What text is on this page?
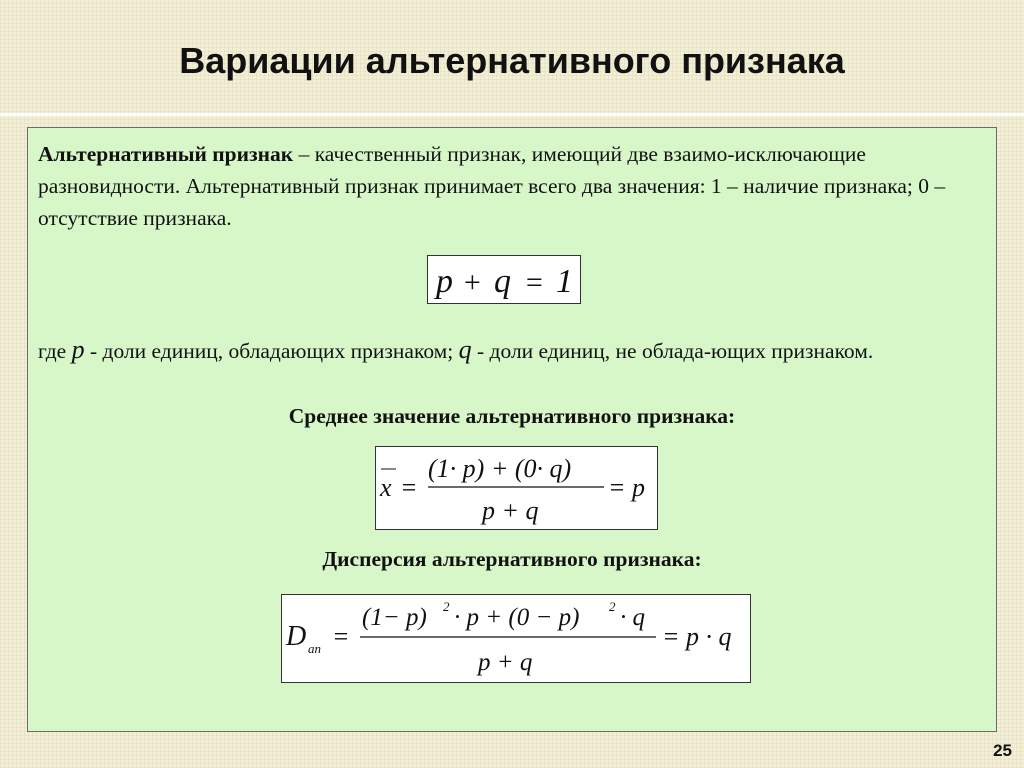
Вариации альтернативного признака
Альтернативный признак – качественный признак, имеющий две взаимо-исключающие разновидности. Альтернативный признак принимает всего два значения: 1 – наличие признака; 0 – отсутствие признака.
p + q = 1
где p - доли единиц, обладающих признаком; q - доли единиц, не облада-ющих признаком.
Среднее значение альтернативного признака:
x =
(1· p) + (0· q)
p + q
= p
Дисперсия альтернативного признака:
D ап =
(1− p) 2 · p + (0 − p) 2 · q
p + q
= p · q
25
